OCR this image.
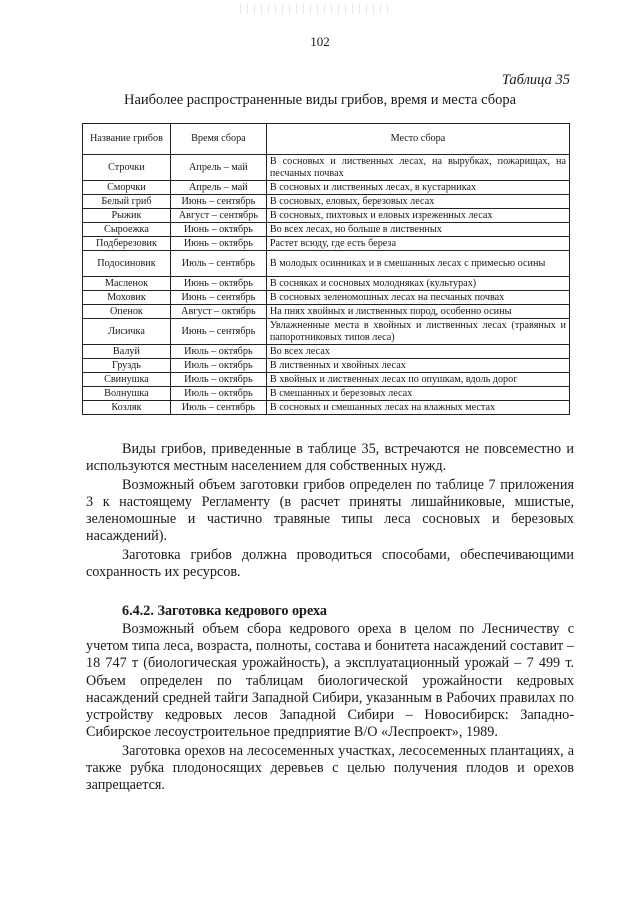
102
Таблица 35
Наиболее распространенные виды грибов, время и места сбора
Название грибов	Время сбора	Место сбора
Строчки	Апрель – май	В сосновых и лиственных лесах, на вырубках, пожарищах, на песчаных почвах
Сморчки	Апрель – май	В сосновых и лиственных лесах, в кустарниках
Белый гриб	Июнь – сентябрь	В сосновых, еловых, березовых лесах
Рыжик	Август – сентябрь	В сосновых, пихтовых и еловых изреженных лесах
Сыроежка	Июнь – октябрь	Во всех лесах, но больше в лиственных
Подберезовик	Июнь – октябрь	Растет всюду, где есть береза
Подосиновик	Июль – сентябрь	В молодых осинниках и в смешанных лесах с примесью осины
Масленок	Июнь – октябрь	В сосняках и сосновых молодняках (культурах)
Моховик	Июнь – сентябрь	В сосновых зеленомошных лесах на песчаных почвах
Опенок	Август – октябрь	На пнях хвойных и лиственных пород, особенно осины
Лисичка	Июнь – сентябрь	Увлажненные места в хвойных и лиственных лесах (травяных и папоротниковых типов леса)
Валуй	Июль – октябрь	Во всех лесах
Груздь	Июль – октябрь	В лиственных и хвойных лесах
Свинушка	Июль – октябрь	В хвойных и лиственных лесах по опушкам, вдоль дорог
Волнушка	Июль – октябрь	В смешанных и березовых лесах
Козляк	Июль – сентябрь	В сосновых и смешанных лесах на влажных местах

Виды грибов, приведенные в таблице 35, встречаются не повсеместно и используются местным населением для собственных нужд.

Возможный объем заготовки грибов определен по таблице 7 приложения 3 к настоящему Регламенту (в расчет приняты лишайниковые, мшистые, зеленомошные и частично травяные типы леса сосновых и березовых насаждений).

Заготовка грибов должна проводиться способами, обеспечивающими сохранность их ресурсов.

6.4.2. Заготовка кедрового ореха

Возможный объем сбора кедрового ореха в целом по Лесничеству с учетом типа леса, возраста, полноты, состава и бонитета насаждений составит – 18 747 т (биологическая урожайность), а эксплуатационный урожай – 7 499 т. Объем определен по таблицам биологической урожайности кедровых насаждений средней тайги Западной Сибири, указанным в Рабочих правилах по устройству кедровых лесов Западной Сибири – Новосибирск: Западно-Сибирское лесоустроительное предприятие В/О «Леспроект», 1989.

Заготовка орехов на лесосеменных участках, лесосеменных плантациях, а также рубка плодоносящих деревьев с целью получения плодов и орехов запрещается.
